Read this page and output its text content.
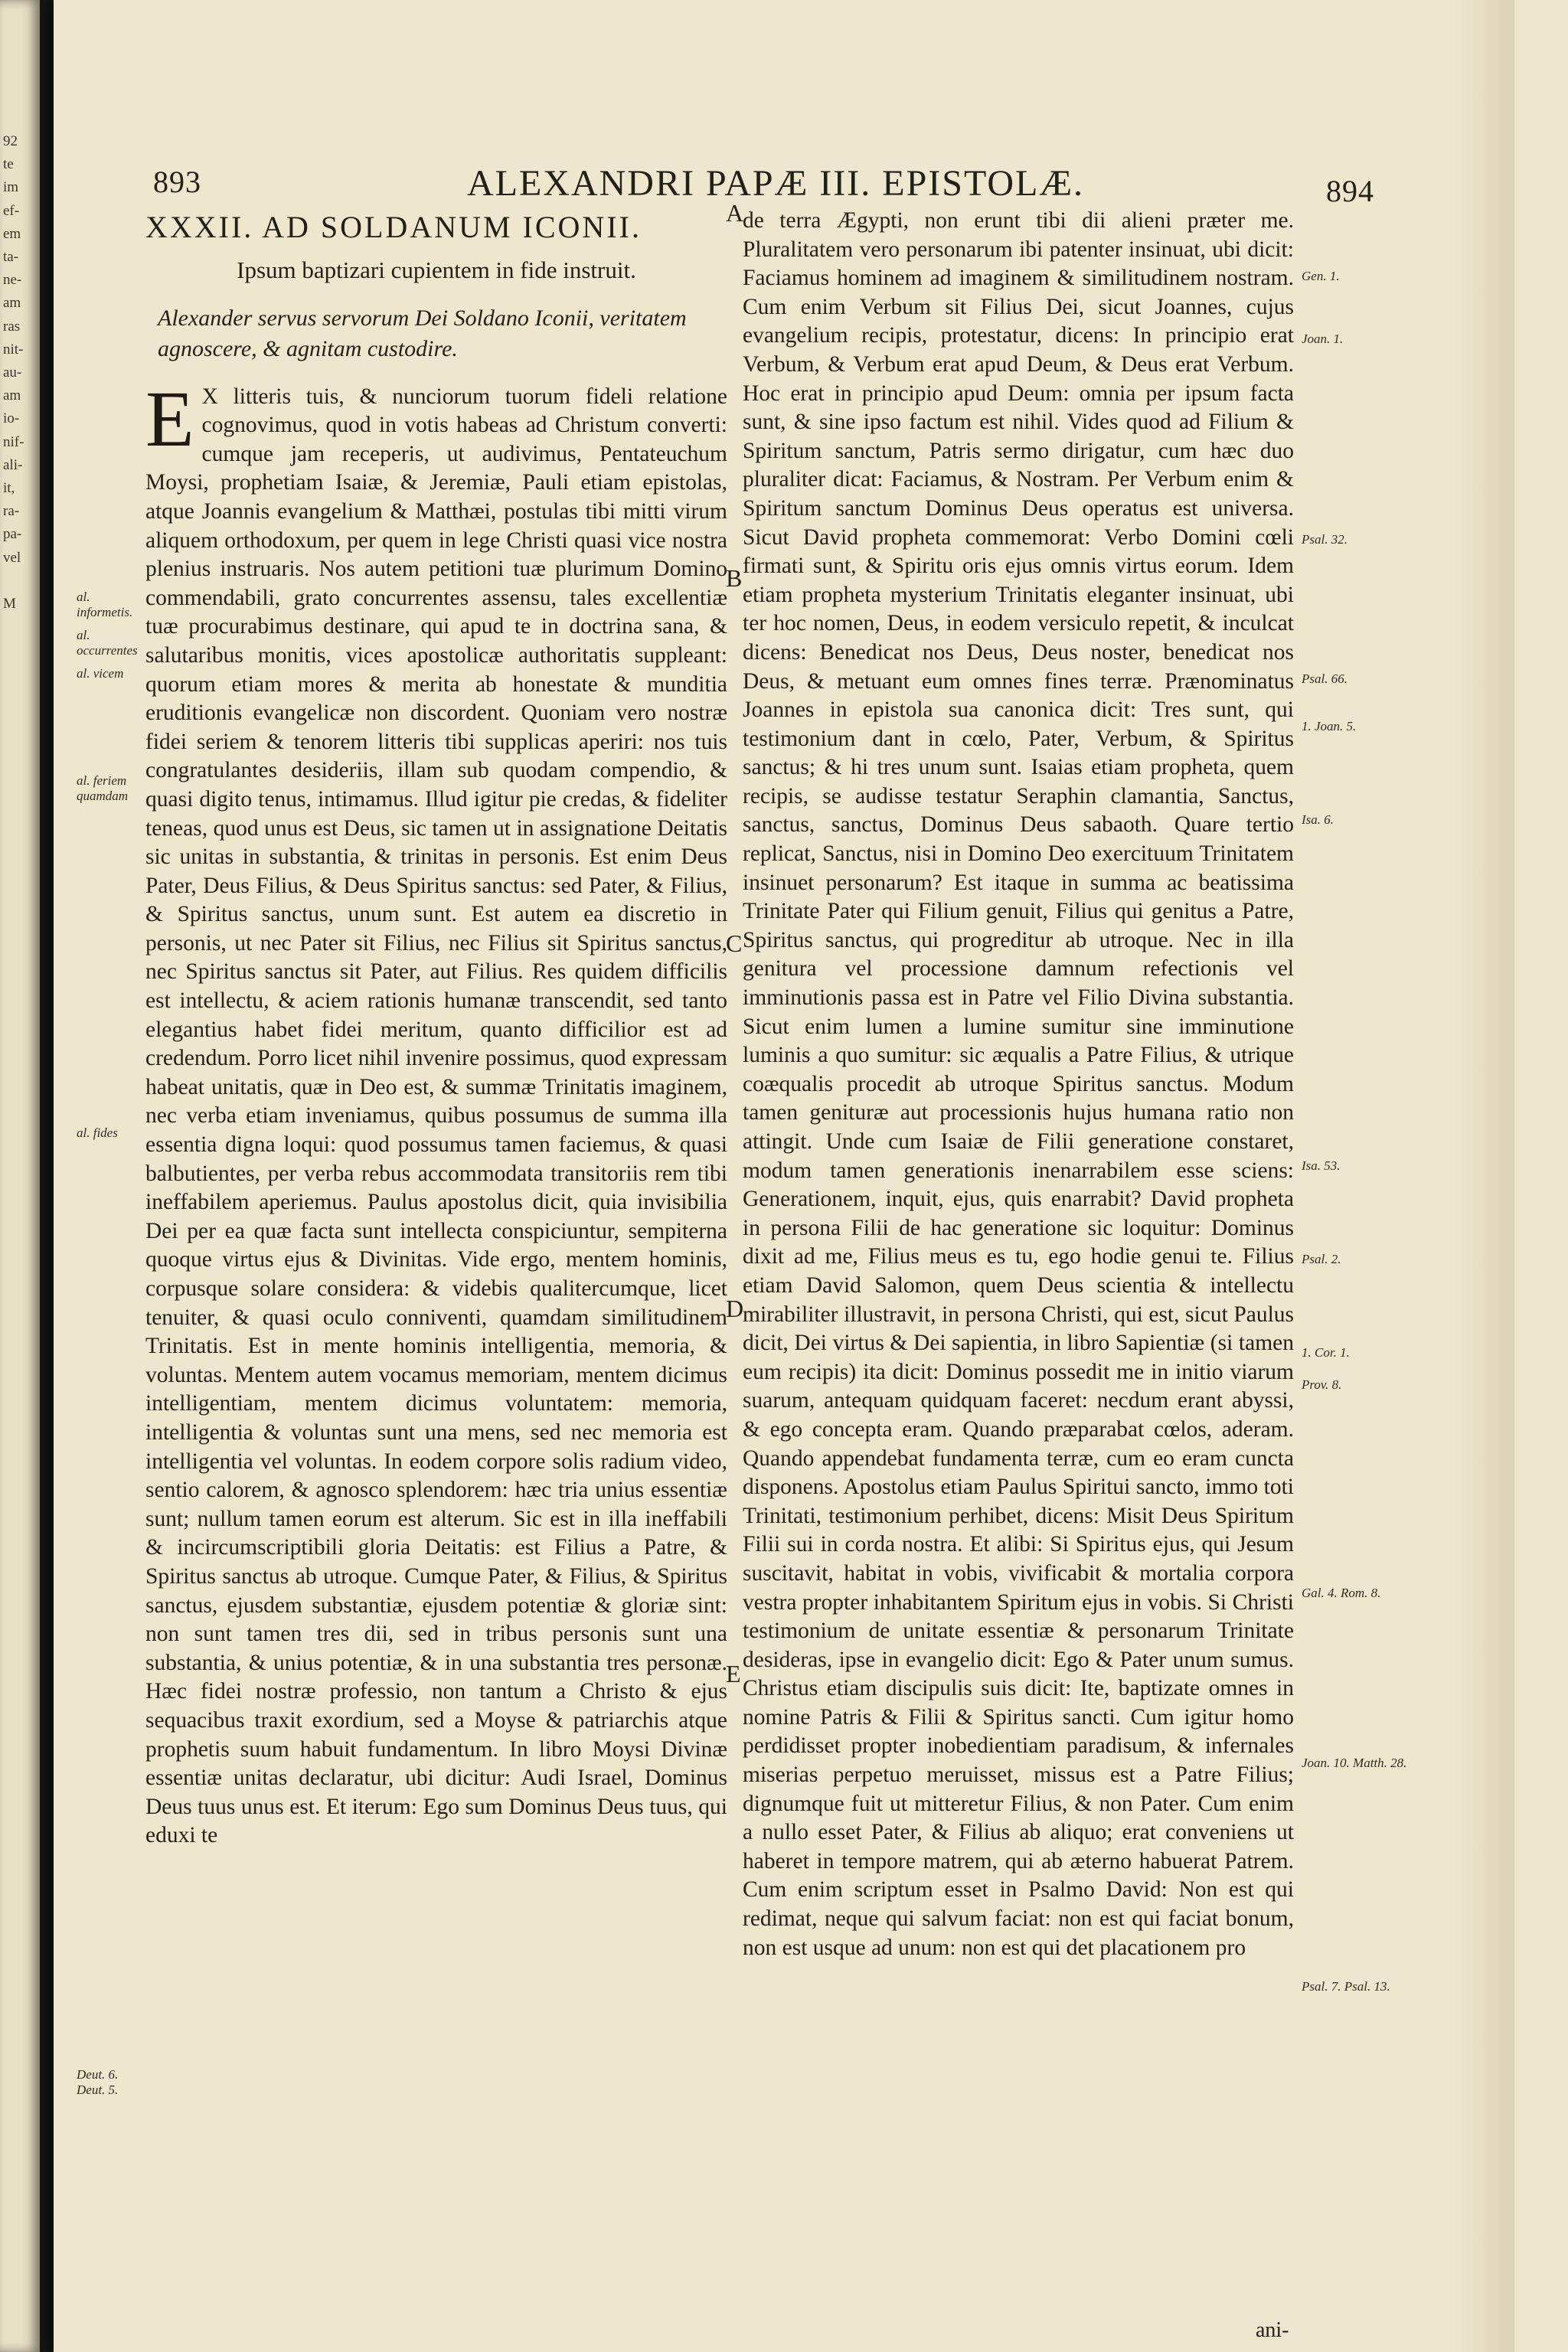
92
te
im
ef-
em
ta-
ne-
am
ras
nit-
au-
am
io-
nif-
ali-
it,
ra-
pa-
vel

M
893	ALEXANDRI PAPÆ III. EPISTOLÆ.	894
al. informetis.
al. occurrentes
al. vicem
al. feriem quamdam
al. fides
Deut. 6. Deut. 5.

XXXII. AD SOLDANUM ICONII.

Ipsum baptizari cupientem in fide instruit.

Alexander servus servorum Dei Soldano Iconii, veritatem agnoscere, & agnitam custodire.

E X litteris tuis, & nunciorum tuorum fideli relatione cognovimus, quod in votis habeas ad Christum converti: cumque jam receperis, ut audivimus, Pentateuchum Moysi, prophetiam Isaiæ, & Jeremiæ, Pauli etiam epistolas, atque Joannis evangelium & Matthæi, postulas tibi mitti virum aliquem orthodoxum, per quem in lege Christi quasi vice nostra plenius instruaris. Nos autem petitioni tuæ plurimum Domino commendabili, grato concurrentes assensu, tales excellentiæ tuæ procurabimus destinare, qui apud te in doctrina sana, & salutaribus monitis, vices apostolicæ authoritatis suppleant: quorum etiam mores & merita ab honestate & munditia eruditionis evangelicæ non discordent. Quoniam vero nostræ fidei seriem & tenorem litteris tibi supplicas aperiri: nos tuis congratulantes desideriis, illam sub quodam compendio, & quasi digito tenus, intimamus. Illud igitur pie credas, & fideliter teneas, quod unus est Deus, sic tamen ut in assignatione Deitatis sic unitas in substantia, & trinitas in personis. Est enim Deus Pater, Deus Filius, & Deus Spiritus sanctus: sed Pater, & Filius, & Spiritus sanctus, unum sunt. Est autem ea discretio in personis, ut nec Pater sit Filius, nec Filius sit Spiritus sanctus, nec Spiritus sanctus sit Pater, aut Filius. Res quidem difficilis est intellectu, & aciem rationis humanæ transcendit, sed tanto elegantius habet fidei meritum, quanto difficilior est ad credendum. Porro licet nihil invenire possimus, quod expressam habeat unitatis, quæ in Deo est, & summæ Trinitatis imaginem, nec verba etiam inveniamus, quibus possumus de summa illa essentia digna loqui: quod possumus tamen faciemus, & quasi balbutientes, per verba rebus accommodata transitoriis rem tibi ineffabilem aperiemus. Paulus apostolus dicit, quia invisibilia Dei per ea quæ facta sunt intellecta conspiciuntur, sempiterna quoque virtus ejus & Divinitas. Vide ergo, mentem hominis, corpusque solare considera: & videbis qualitercumque, licet tenuiter, & quasi oculo conniventi, quamdam similitudinem Trinitatis. Est in mente hominis intelligentia, memoria, & voluntas. Mentem autem vocamus memoriam, mentem dicimus intelligentiam, mentem dicimus voluntatem: memoria, intelligentia & voluntas sunt una mens, sed nec memoria est intelligentia vel voluntas. In eodem corpore solis radium video, sentio calorem, & agnosco splendorem: hæc tria unius essentiæ sunt; nullum tamen eorum est alterum. Sic est in illa ineffabili & incircumscriptibili gloria Deitatis: est Filius a Patre, & Spiritus sanctus ab utroque. Cumque Pater, & Filius, & Spiritus sanctus, ejusdem substantiæ, ejusdem potentiæ & gloriæ sint: non sunt tamen tres dii, sed in tribus personis sunt una substantia, & unius potentiæ, & in una substantia tres personæ. Hæc fidei nostræ professio, non tantum a Christo & ejus sequacibus traxit exordium, sed a Moyse & patriarchis atque prophetis suum habuit fundamentum. In libro Moysi Divinæ essentiæ unitas declaratur, ubi dicitur: Audi Israel, Dominus Deus tuus unus est. Et iterum: Ego sum Dominus Deus tuus, qui eduxi te

A
B
C
D
E

de terra Ægypti, non erunt tibi dii alieni præter me. Pluralitatem vero personarum ibi patenter insinuat, ubi dicit: Faciamus hominem ad imaginem & similitudinem nostram. Cum enim Verbum sit Filius Dei, sicut Joannes, cujus evangelium recipis, protestatur, dicens: In principio erat Verbum, & Verbum erat apud Deum, & Deus erat Verbum. Hoc erat in principio apud Deum: omnia per ipsum facta sunt, & sine ipso factum est nihil. Vides quod ad Filium & Spiritum sanctum, Patris sermo dirigatur, cum hæc duo pluraliter dicat: Faciamus, & Nostram. Per Verbum enim & Spiritum sanctum Dominus Deus operatus est universa. Sicut David propheta commemorat: Verbo Domini cœli firmati sunt, & Spiritu oris ejus omnis virtus eorum. Idem etiam propheta mysterium Trinitatis eleganter insinuat, ubi ter hoc nomen, Deus, in eodem versiculo repetit, & inculcat dicens: Benedicat nos Deus, Deus noster, benedicat nos Deus, & metuant eum omnes fines terræ. Prænominatus Joannes in epistola sua canonica dicit: Tres sunt, qui testimonium dant in cœlo, Pater, Verbum, & Spiritus sanctus; & hi tres unum sunt. Isaias etiam propheta, quem recipis, se audisse testatur Seraphin clamantia, Sanctus, sanctus, sanctus, Dominus Deus sabaoth. Quare tertio replicat, Sanctus, nisi in Domino Deo exercituum Trinitatem insinuet personarum? Est itaque in summa ac beatissima Trinitate Pater qui Filium genuit, Filius qui genitus a Patre, Spiritus sanctus, qui progreditur ab utroque. Nec in illa genitura vel processione damnum refectionis vel imminutionis passa est in Patre vel Filio Divina substantia. Sicut enim lumen a lumine sumitur sine imminutione luminis a quo sumitur: sic æqualis a Patre Filius, & utrique coæqualis procedit ab utroque Spiritus sanctus. Modum tamen genituræ aut processionis hujus humana ratio non attingit. Unde cum Isaiæ de Filii generatione constaret, modum tamen generationis inenarrabilem esse sciens: Generationem, inquit, ejus, quis enarrabit? David propheta in persona Filii de hac generatione sic loquitur: Dominus dixit ad me, Filius meus es tu, ego hodie genui te. Filius etiam David Salomon, quem Deus scientia & intellectu mirabiliter illustravit, in persona Christi, qui est, sicut Paulus dicit, Dei virtus & Dei sapientia, in libro Sapientiæ (si tamen eum recipis) ita dicit: Dominus possedit me in initio viarum suarum, antequam quidquam faceret: necdum erant abyssi, & ego concepta eram. Quando præparabat cœlos, aderam. Quando appendebat fundamenta terræ, cum eo eram cuncta disponens. Apostolus etiam Paulus Spiritui sancto, immo toti Trinitati, testimonium perhibet, dicens: Misit Deus Spiritum Filii sui in corda nostra. Et alibi: Si Spiritus ejus, qui Jesum suscitavit, habitat in vobis, vivificabit & mortalia corpora vestra propter inhabitantem Spiritum ejus in vobis. Si Christi testimonium de unitate essentiæ & personarum Trinitate desideras, ipse in evangelio dicit: Ego & Pater unum sumus. Christus etiam discipulis suis dicit: Ite, baptizate omnes in nomine Patris & Filii & Spiritus sancti. Cum igitur homo perdidisset propter inobedientiam paradisum, & infernales miserias perpetuo meruisset, missus est a Patre Filius; dignumque fuit ut mitteretur Filius, & non Pater. Cum enim a nullo esset Pater, & Filius ab aliquo; erat conveniens ut haberet in tempore matrem, qui ab æterno habuerat Patrem. Cum enim scriptum esset in Psalmo David: Non est qui redimat, neque qui salvum faciat: non est qui faciat bonum, non est usque ad unum: non est qui det placationem pro

Gen. 1.
Joan. 1.
Psal. 32.
Psal. 66.
1. Joan. 5.
Isa. 6.
Isa. 53.
Psal. 2.
1. Cor. 1.
Prov. 8.
Gal. 4. Rom. 8.
Joan. 10. Matth. 28.
Psal. 7. Psal. 13.
ani-
